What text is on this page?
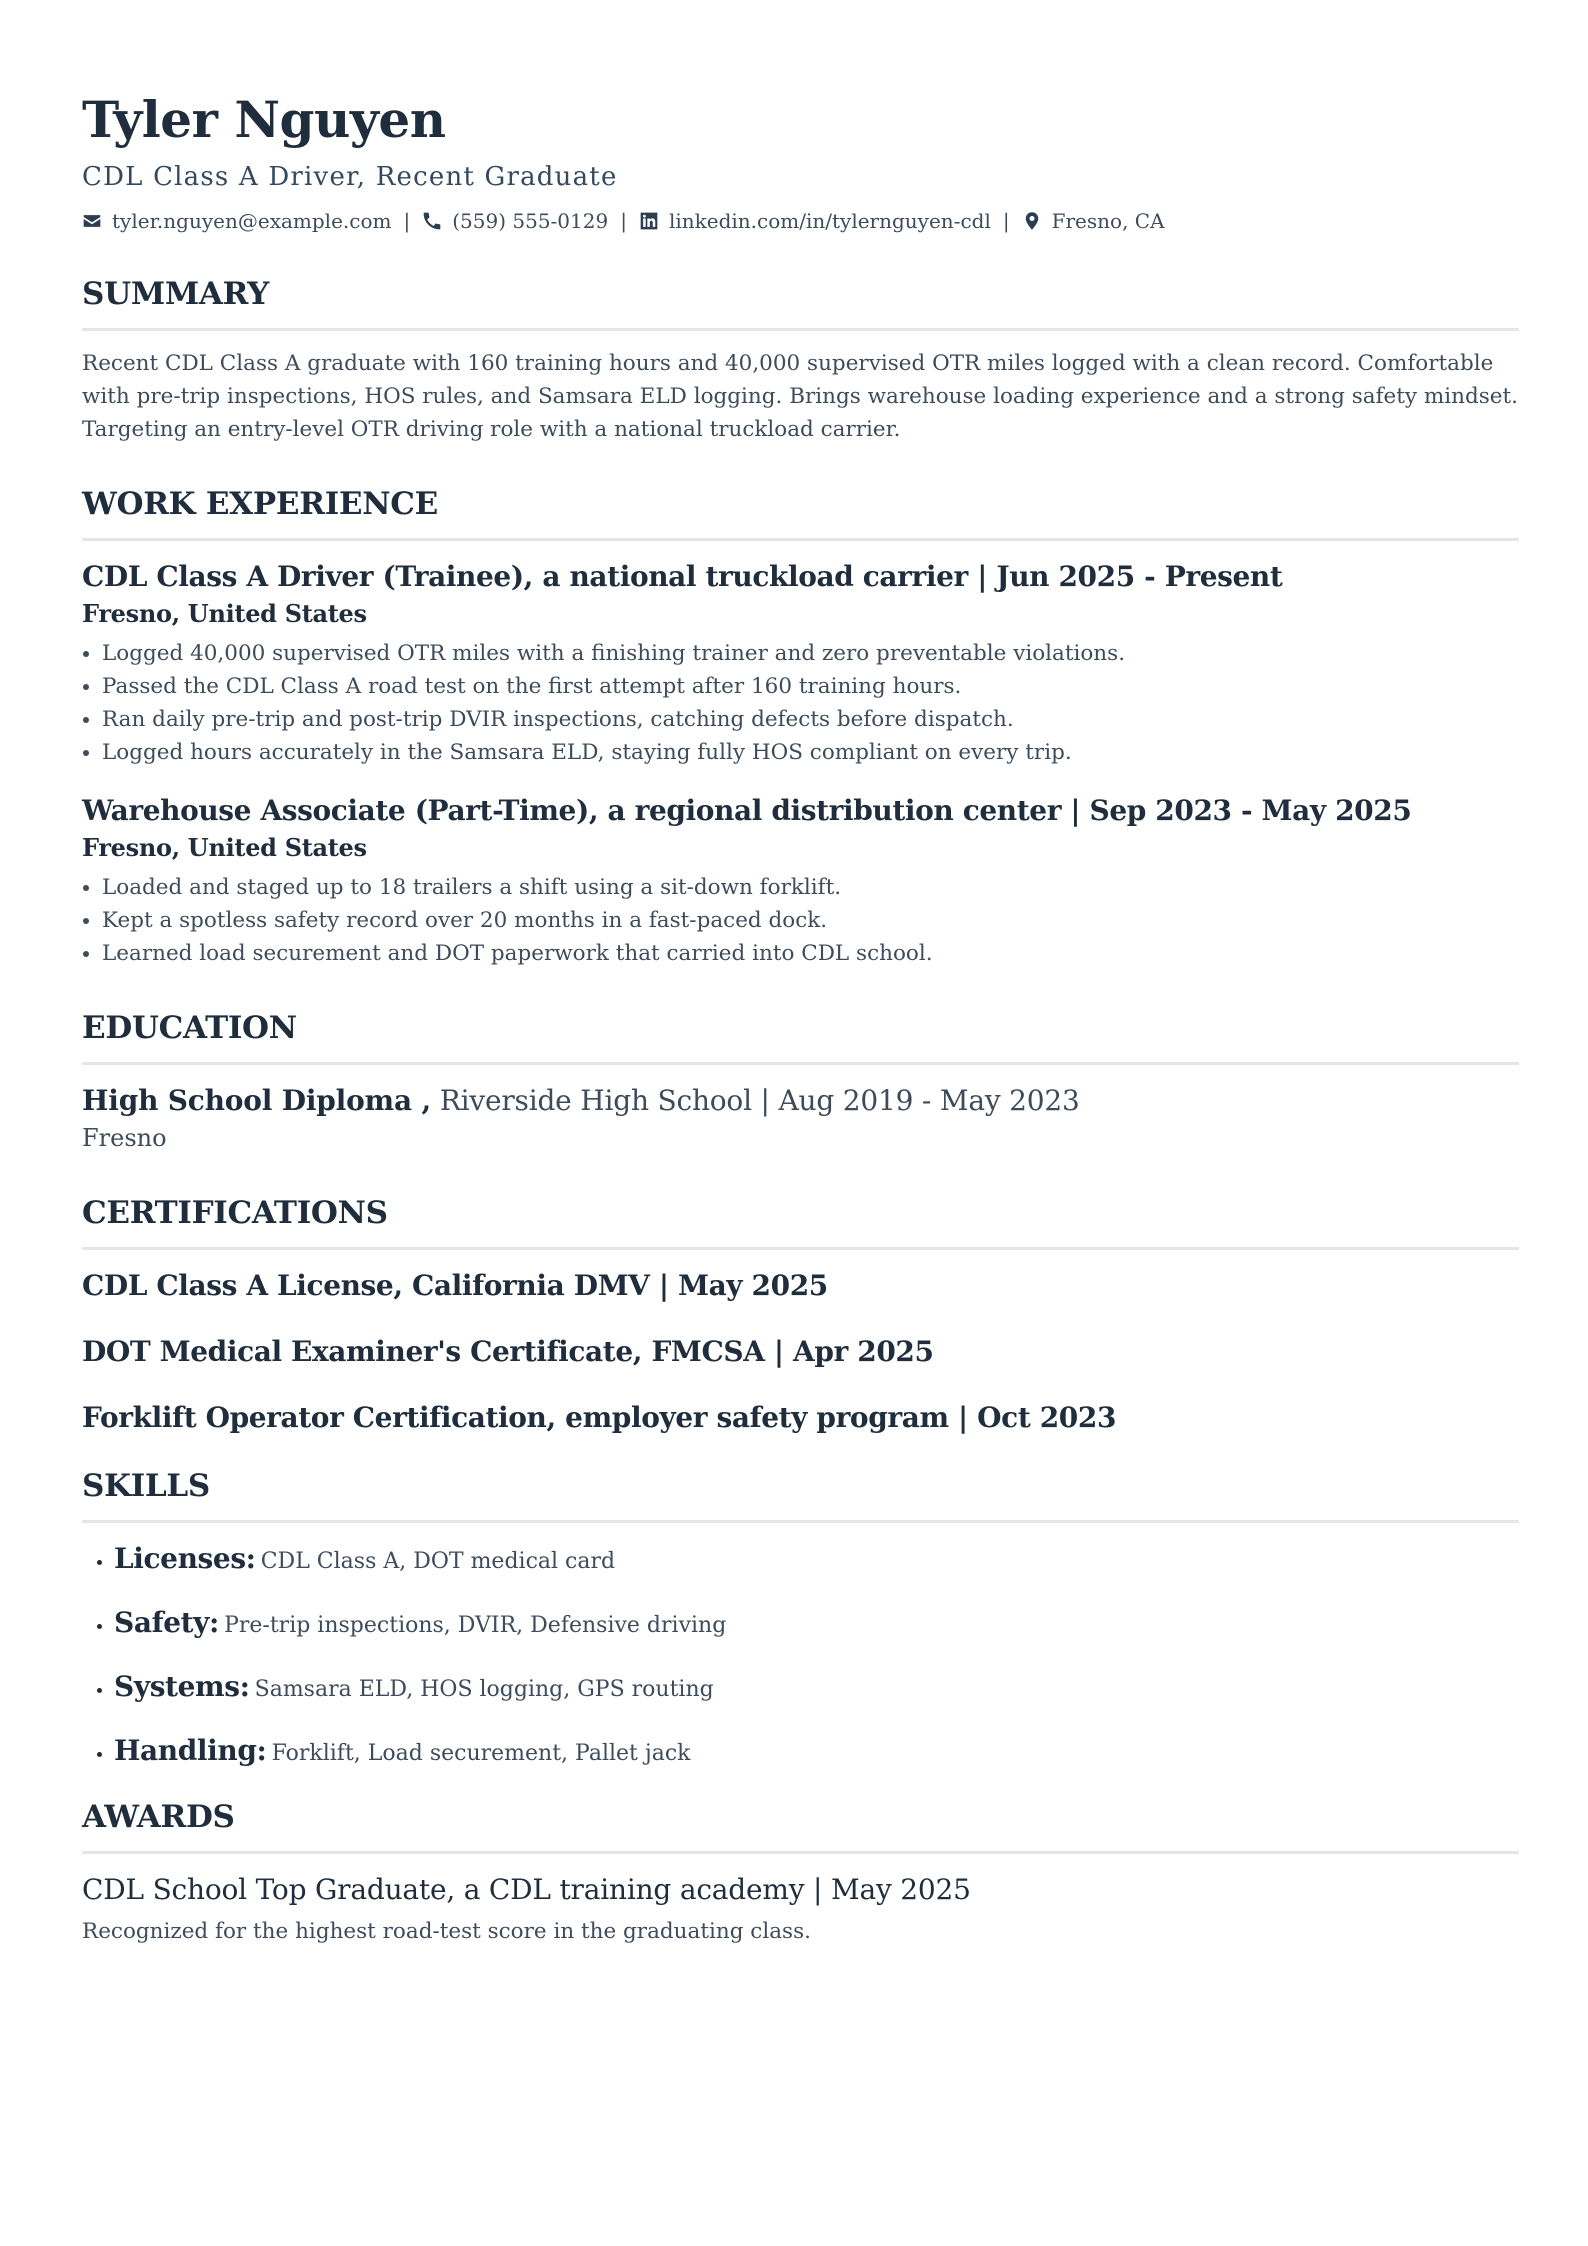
Tyler Nguyen
CDL Class A Driver, Recent Graduate
tyler.nguyen@example.com | (559) 555-0129 | linkedin.com/in/tylernguyen-cdl | Fresno, CA
SUMMARY

Recent CDL Class A graduate with 160 training hours and 40,000 supervised OTR miles logged with a clean record. Comfortable with pre-trip inspections, HOS rules, and Samsara ELD logging. Brings warehouse loading experience and a strong safety mindset. Targeting an entry-level OTR driving role with a national truckload carrier.

WORK EXPERIENCE
CDL Class A Driver (Trainee), a national truckload carrier | Jun 2025 - Present
Fresno, United States
• Logged 40,000 supervised OTR miles with a finishing trainer and zero preventable violations.
• Passed the CDL Class A road test on the first attempt after 160 training hours.
• Ran daily pre-trip and post-trip DVIR inspections, catching defects before dispatch.
• Logged hours accurately in the Samsara ELD, staying fully HOS compliant on every trip.
Warehouse Associate (Part-Time), a regional distribution center | Sep 2023 - May 2025
Fresno, United States
• Loaded and staged up to 18 trailers a shift using a sit-down forklift.
• Kept a spotless safety record over 20 months in a fast-paced dock.
• Learned load securement and DOT paperwork that carried into CDL school.
EDUCATION
High School Diploma , Riverside High School | Aug 2019 - May 2023
Fresno
CERTIFICATIONS
CDL Class A License, California DMV | May 2025
DOT Medical Examiner's Certificate, FMCSA | Apr 2025
Forklift Operator Certification, employer safety program | Oct 2023
SKILLS
• Licenses: CDL Class A, DOT medical card
• Safety: Pre-trip inspections, DVIR, Defensive driving
• Systems: Samsara ELD, HOS logging, GPS routing
• Handling: Forklift, Load securement, Pallet jack
AWARDS
CDL School Top Graduate, a CDL training academy | May 2025
Recognized for the highest road-test score in the graduating class.
